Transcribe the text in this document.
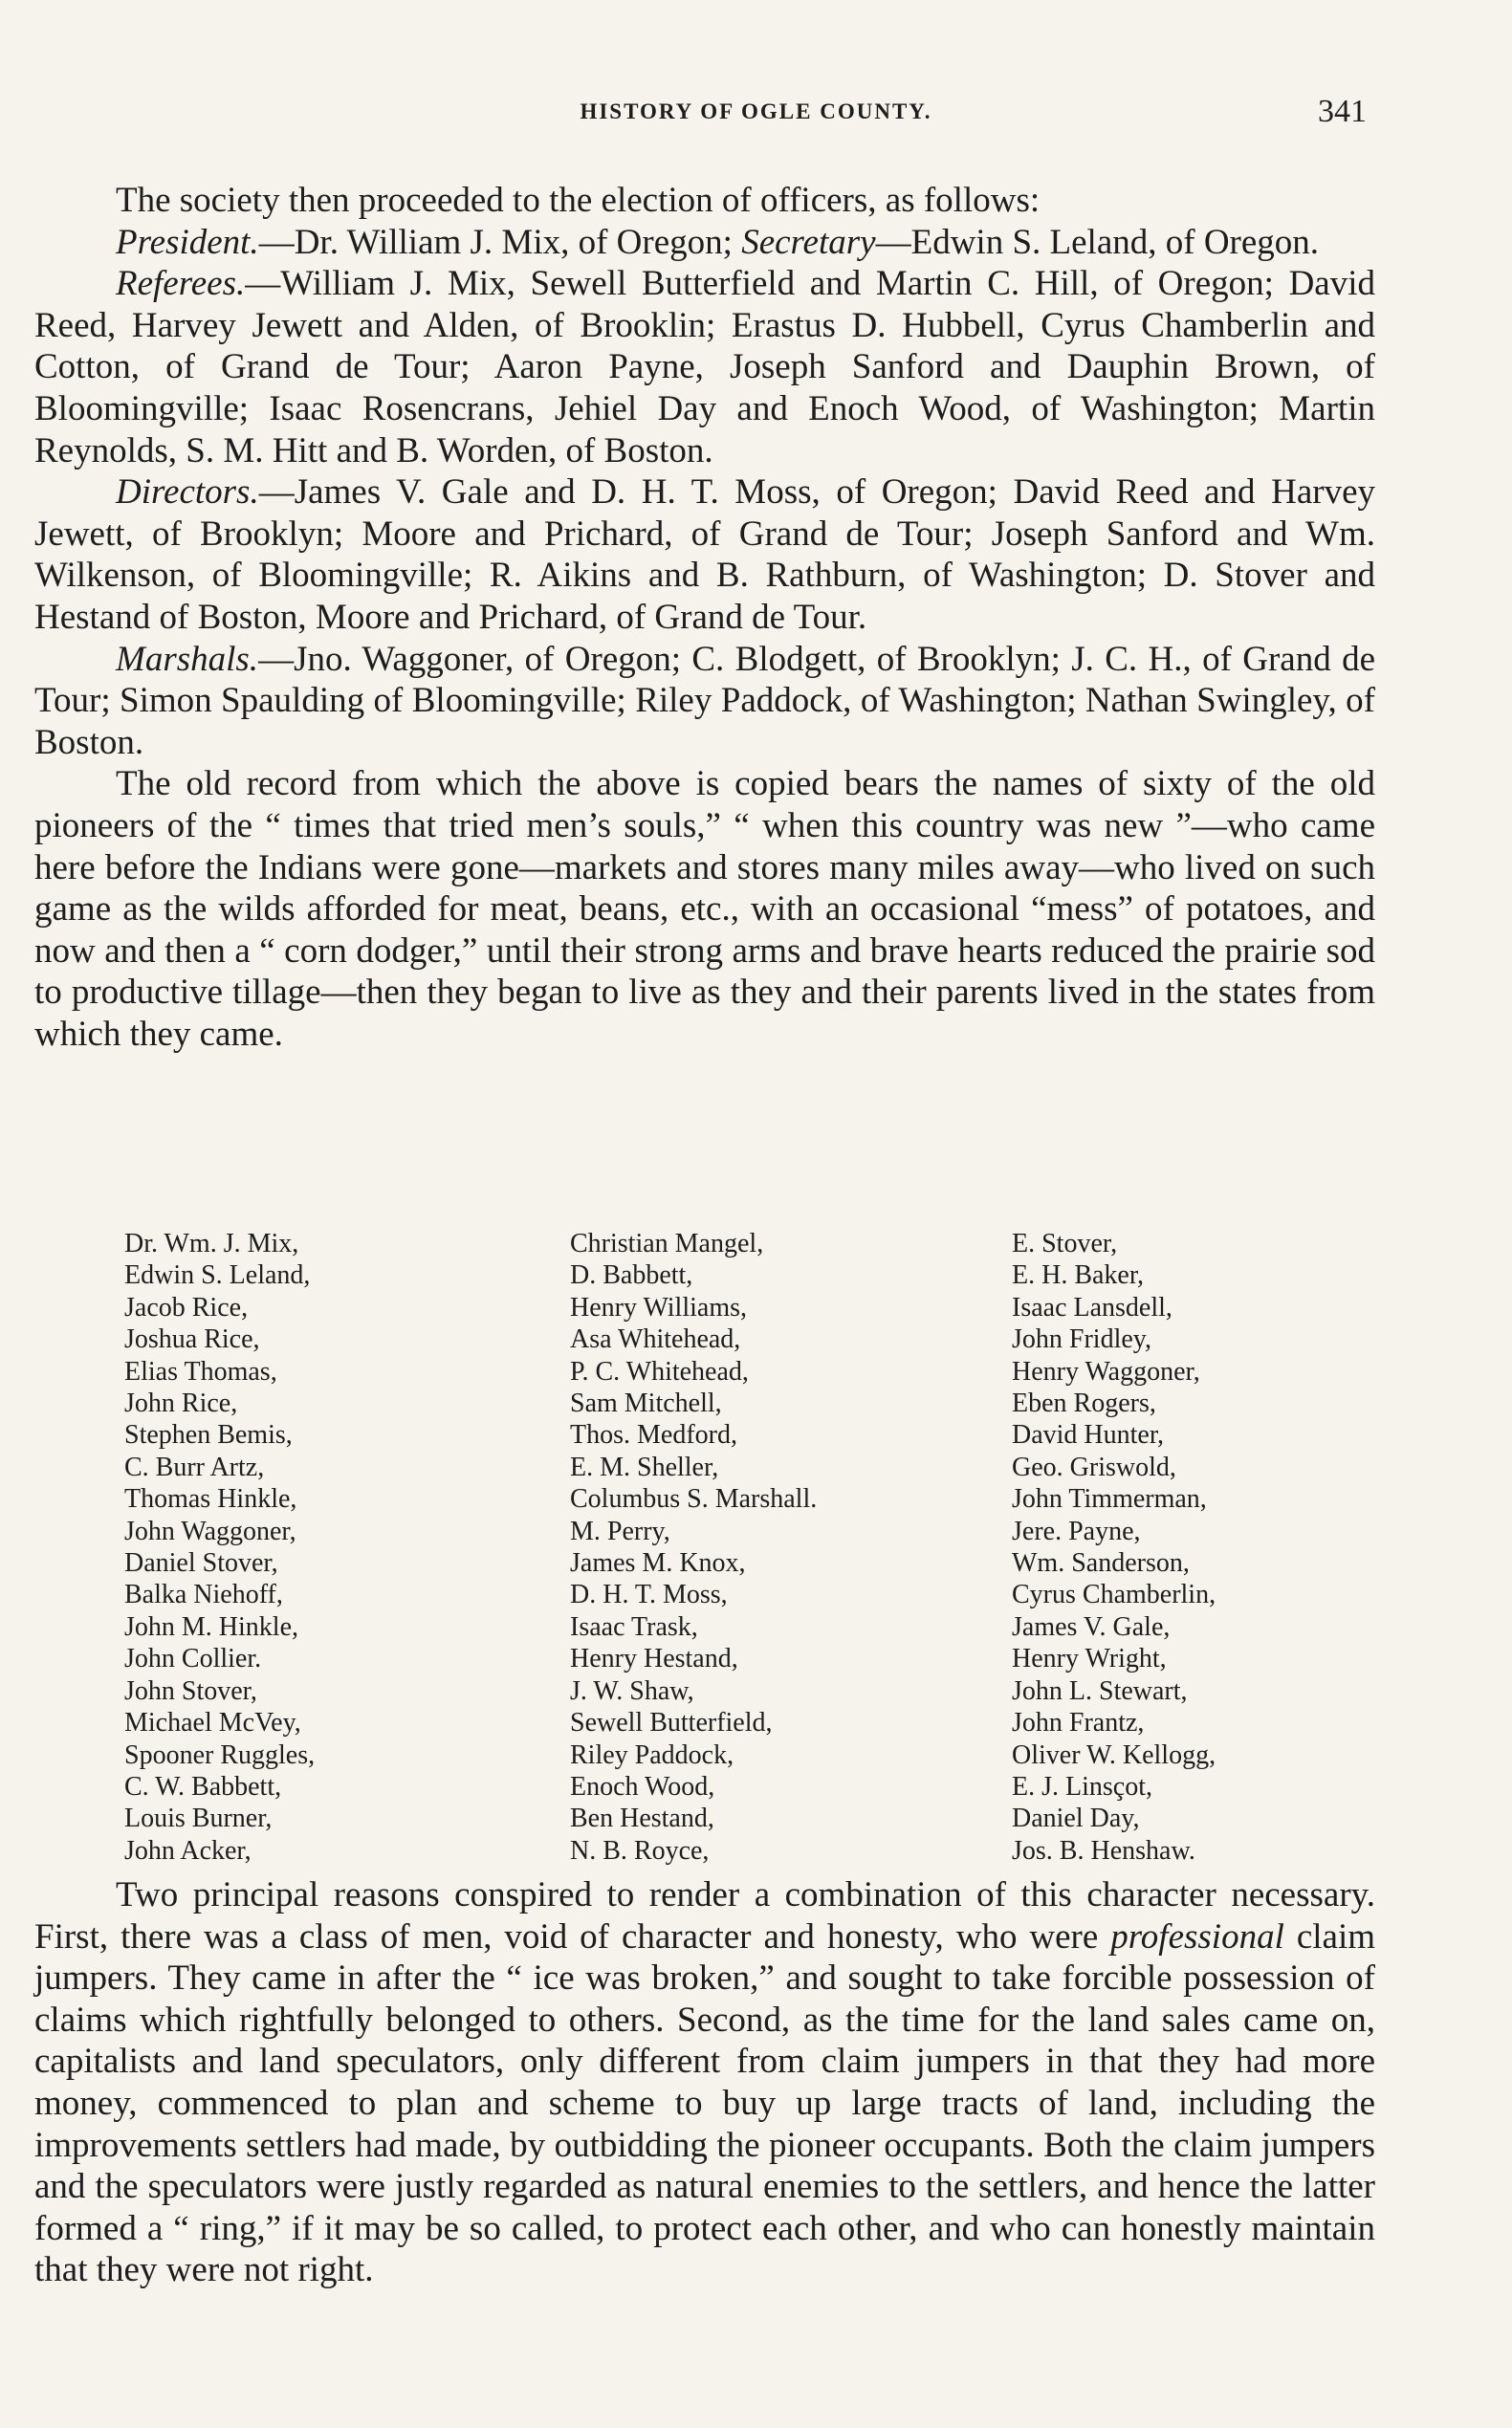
HISTORY OF OGLE COUNTY.	341

The society then proceeded to the election of officers, as follows:

President.—Dr. William J. Mix, of Oregon; Secretary—Edwin S. Leland, of Oregon.

Referees.—William J. Mix, Sewell Butterfield and Martin C. Hill, of Oregon; David Reed, Harvey Jewett and Alden, of Brooklin; Erastus D. Hubbell, Cyrus Chamberlin and Cotton, of Grand de Tour; Aaron Payne, Joseph Sanford and Dauphin Brown, of Bloomingville; Isaac Rosencrans, Jehiel Day and Enoch Wood, of Washington; Martin Reynolds, S. M. Hitt and B. Worden, of Boston.

Directors.—James V. Gale and D. H. T. Moss, of Oregon; David Reed and Harvey Jewett, of Brooklyn; Moore and Prichard, of Grand de Tour; Joseph Sanford and Wm. Wilkenson, of Bloomingville; R. Aikins and B. Rathburn, of Washington; D. Stover and Hestand of Boston, Moore and Prichard, of Grand de Tour.

Marshals.—Jno. Waggoner, of Oregon; C. Blodgett, of Brooklyn; J. C. H., of Grand de Tour; Simon Spaulding of Bloomingville; Riley Paddock, of Washington; Nathan Swingley, of Boston.

The old record from which the above is copied bears the names of sixty of the old pioneers of the “ times that tried men’s souls,” “ when this country was new ”—who came here before the Indians were gone—markets and stores many miles away—who lived on such game as the wilds afforded for meat, beans, etc., with an occasional “mess” of potatoes, and now and then a “ corn dodger,” until their strong arms and brave hearts reduced the prairie sod to productive tillage—then they began to live as they and their parents lived in the states from which they came.

Dr. Wm. J. Mix,
Edwin S. Leland,
Jacob Rice,
Joshua Rice,
Elias Thomas,
John Rice,
Stephen Bemis,
C. Burr Artz,
Thomas Hinkle,
John Waggoner,
Daniel Stover,
Balka Niehoff,
John M. Hinkle,
John Collier.
John Stover,
Michael McVey,
Spooner Ruggles,
C. W. Babbett,
Louis Burner,
John Acker,
Christian Mangel,
D. Babbett,
Henry Williams,
Asa Whitehead,
P. C. Whitehead,
Sam Mitchell,
Thos. Medford,
E. M. Sheller,
Columbus S. Marshall.
M. Perry,
James M. Knox,
D. H. T. Moss,
Isaac Trask,
Henry Hestand,
J. W. Shaw,
Sewell Butterfield,
Riley Paddock,
Enoch Wood,
Ben Hestand,
N. B. Royce,
E. Stover,
E. H. Baker,
Isaac Lansdell,
John Fridley,
Henry Waggoner,
Eben Rogers,
David Hunter,
Geo. Griswold,
John Timmerman,
Jere. Payne,
Wm. Sanderson,
Cyrus Chamberlin,
James V. Gale,
Henry Wright,
John L. Stewart,
John Frantz,
Oliver W. Kellogg,
E. J. Linsçot,
Daniel Day,
Jos. B. Henshaw.

Two principal reasons conspired to render a combination of this character necessary. First, there was a class of men, void of character and honesty, who were professional claim jumpers. They came in after the “ ice was broken,” and sought to take forcible possession of claims which rightfully belonged to others. Second, as the time for the land sales came on, capitalists and land speculators, only different from claim jumpers in that they had more money, commenced to plan and scheme to buy up large tracts of land, including the improvements settlers had made, by outbidding the pioneer occupants. Both the claim jumpers and the speculators were justly regarded as natural enemies to the settlers, and hence the latter formed a “ ring,” if it may be so called, to protect each other, and who can honestly maintain that they were not right.
